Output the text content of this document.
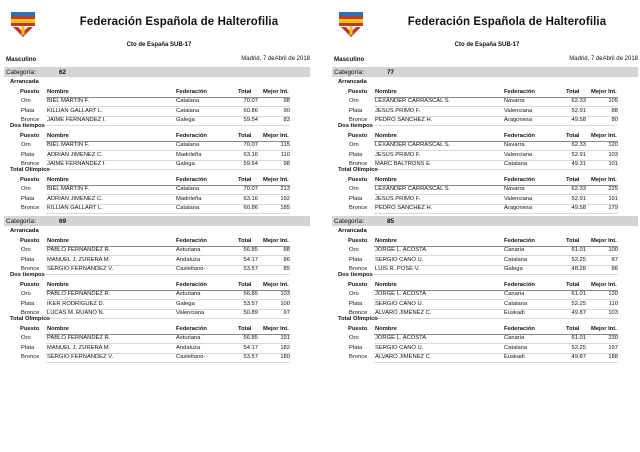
Federación Española de Halterofilia
Cto de España SUB-17
Masculino	Madrid, 7 deAbril de 2018
Categoría:	62
Arrancada
Puesto Nombre	Federación	Total Mejor Int.
Oro	BIEL MARTIN F.	Catalana	70.07	98
Plata KILLIAN GALLART L.	Catalana	60.86	90
Bronce JAIME FERNANDEZ I.	Galega	59.54	83
Dos tiempos
Puesto Nombre	Federación	Total Mejor Int.
Oro	BIEL MARTIN F.	Catalana	70.07	115
Plata ADRIAN JIMENEZ C.	Madrileña	63.16	110
Bronce JAIME FERNANDEZ I.	Galega	59.54	98
Total Olímpico
Puesto Nombre	Federación	Total Mejor Int.
Oro	BIEL MARTIN F.	Catalana	70.07	213
Plata ADRIAN JIMENEZ C.	Madrileña	63.16	192
Bronce KILLIAN GALLART L.	Catalana	60.86	185
Categoría:	69
Arrancada
Puesto Nombre	Federación	Total Mejor Int.
Oro	PABLO FERNANDEZ R.	Asturiana	56.85	88
Plata MANUEL J. ZURERA M.	Andaluza	54.17	86
Bronce SERGIO FERNANDEZ V.	Castellano-	53.57	85
Dos tiempos
Puesto Nombre	Federación	Total Mejor Int.
Oro	PABLO FERNANDEZ R.	Asturiana	56.85	103
Plata IKER RODRIGUEZ D.	Galega	53.57	100
Bronce LUCAS M. RUANO N.	Valenciana	50.89	97
Total Olímpico
Puesto Nombre	Federación	Total Mejor Int.
Oro	PABLO FERNANDEZ R.	Asturiana	56.85	191
Plata MANUEL J. ZURERA M.	Andaluza	54.17	182
Bronce SERGIO FERNANDEZ V.	Castellano-	53.57	180
Federación Española de Halterofilia
Cto de España SUB-17
Masculino	Madrid, 7 deAbril de 2018
Categoría:	77
Arrancada
Puesto Nombre	Federación	Total Mejor Int.
Oro	LEXANDER CARRASCAL S.	Navarra	62.33	105
Plata JESUS PRIMO F.	Valenciana	52.91	88
Bronce PEDRO SANCHEZ H.	Aragonesa	49.58	80
Dos tiempos
Puesto Nombre	Federación	Total Mejor Int.
Oro	LEXANDER CARRASCAL S.	Navarra	62.33	120
Plata JESUS PRIMO F.	Valenciana	52.91	103
Bronce MARC BALTRONS E.	Catalana	49.31	101
Total Olímpico
Puesto Nombre	Federación	Total Mejor Int.
Oro	LEXANDER CARRASCAL S.	Navarra	62.33	225
Plata JESUS PRIMO F.	Valenciana	52.91	191
Bronce PEDRO SANCHEZ H.	Aragonesa	49.58	179
Categoría:	85
Arrancada
Puesto Nombre	Federación	Total Mejor Int.
Oro	JORGE L. ACOSTA	Canaria	61.01	100
Plata SERGIO CANO U.	Catalana	52.25	87
Bronce LUIS R. POSE V.	Galega	48.28	86
Dos tiempos
Puesto Nombre	Federación	Total Mejor Int.
Oro	JORGE L. ACOSTA	Canaria	61.01	130
Plata SERGIO CANO U.	Catalana	52.25	110
Bronce ALVARO JIMENEZ C.	Euskadi	49.87	103
Total Olímpico
Puesto Nombre	Federación	Total Mejor Int.
Oro	JORGE L. ACOSTA	Canaria	61.01	230
Plata SERGIO CANO U.	Catalana	52.25	197
Bronce ALVARO JIMENEZ C.	Euskadi	49.87	188
